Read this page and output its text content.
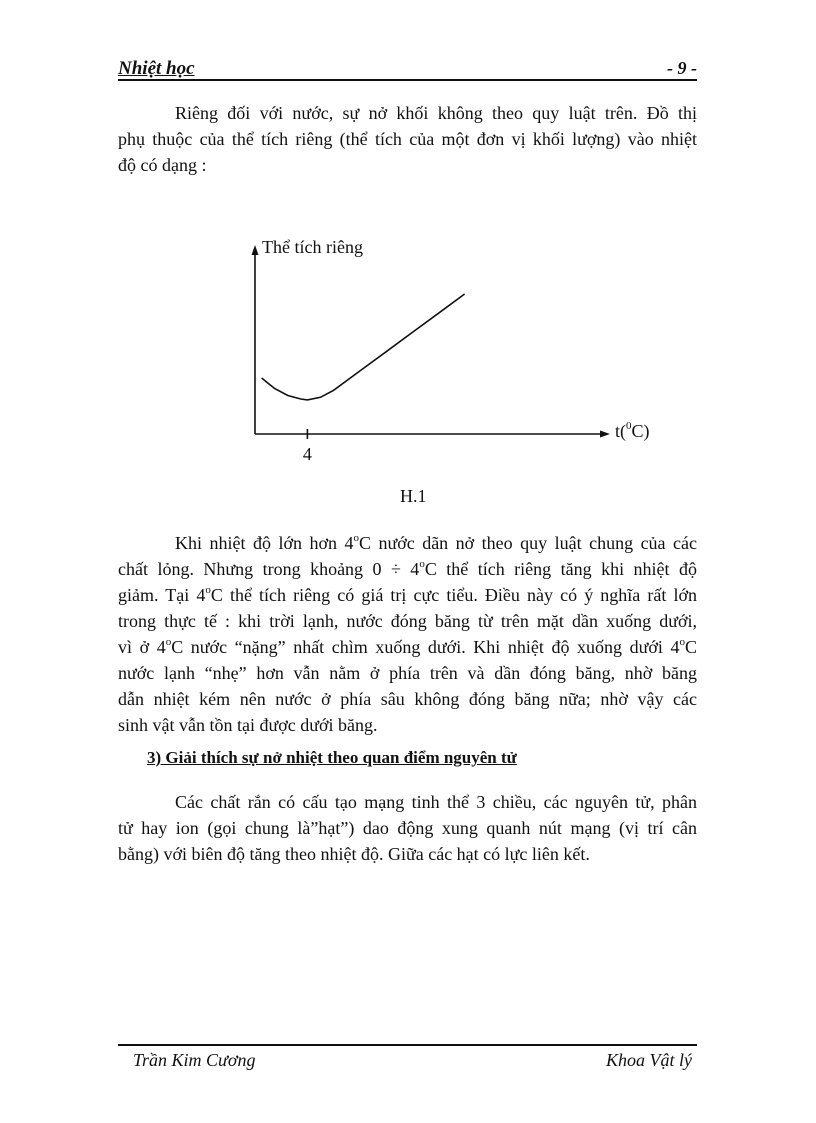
Nhiệt học	- 9 -
Riêng đối với nước, sự nở khối không theo quy luật trên. Đồ thị
phụ thuộc của thể tích riêng (thể tích của một đơn vị khối lượng) vào nhiệt
độ có dạng :
Thể tích riêng
t($^0$C)
4
H.1
Khi nhiệt độ lớn hơn 4$^o$C nước dãn nở theo quy luật chung của các
chất lỏng. Nhưng trong khoảng $0 \div 4^oC$ thể tích riêng tăng khi nhiệt độ
giảm. Tại 4$^o$C thể tích riêng có giá trị cực tiểu. Điều này có ý nghĩa rất lớn
trong thực tế : khi trời lạnh, nước đóng băng từ trên mặt dần xuống dưới,
vì ở 4$^o$C nước “nặng” nhất chìm xuống dưới. Khi nhiệt độ xuống dưới 4$^o$C
nước lạnh “nhẹ” hơn vẫn nằm ở phía trên và dần đóng băng, nhờ băng
dẫn nhiệt kém nên nước ở phía sâu không đóng băng nữa; nhờ vậy các
sinh vật vẫn tồn tại được dưới băng.
3) Giải thích sự nở nhiệt theo quan điểm nguyên tử
Các chất rắn có cấu tạo mạng tinh thể 3 chiều, các nguyên tử, phân
tử hay ion (gọi chung là”hạt”) dao động xung quanh nút mạng (vị trí cân
bằng) với biên độ tăng theo nhiệt độ. Giữa các hạt có lực liên kết.
Trần Kim Cương	Khoa Vật lý
